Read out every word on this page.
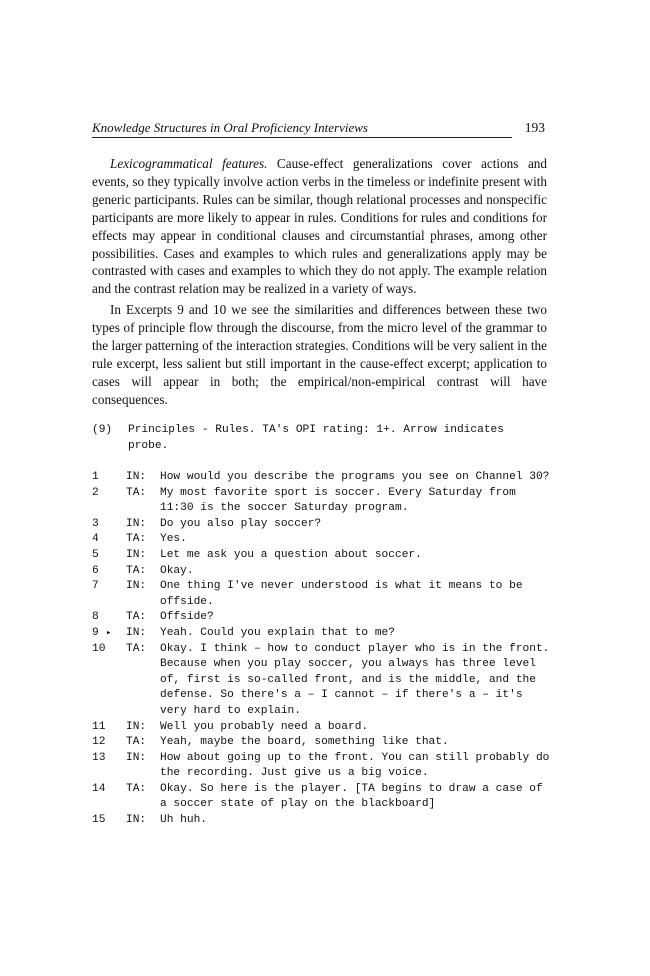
Knowledge Structures in Oral Proficiency Interviews	193

Lexicogrammatical features. Cause-effect generalizations cover actions and events, so they typically involve action verbs in the timeless or indefinite present with generic participants. Rules can be similar, though relational processes and nonspecific participants are more likely to appear in rules. Conditions for rules and conditions for effects may appear in conditional clauses and circumstantial phrases, among other possibilities. Cases and examples to which rules and generalizations apply may be contrasted with cases and examples to which they do not apply. The example relation and the contrast relation may be realized in a variety of ways.

In Excerpts 9 and 10 we see the similarities and differences between these two types of principle flow through the discourse, from the micro level of the grammar to the larger patterning of the interaction strategies. Conditions will be very salient in the rule excerpt, less salient but still important in the cause-effect excerpt; application to cases will appear in both; the empirical/non-empirical contrast will have consequences.

(9) Principles - Rules. TA's OPI rating: 1+. Arrow indicates probe.
1	IN:	How would you describe the programs you see on Channel 30?
2	TA:	My most favorite sport is soccer. Every Saturday from 11:30 is the soccer Saturday program.
3	IN:	Do you also play soccer?
4	TA:	Yes.
5	IN:	Let me ask you a question about soccer.
6	TA:	Okay.
7	IN:	One thing I've never understood is what it means to be offside.
8	TA:	Offside?
9 ▸ IN:	Yeah. Could you explain that to me?
10	TA:	Okay. I think – how to conduct player who is in the front. Because when you play soccer, you always has three level of, first is so-called front, and is the middle, and the defense. So there's a – I cannot – if there's a – it's very hard to explain.
11	IN:	Well you probably need a board.
12	TA:	Yeah, maybe the board, something like that.
13	IN:	How about going up to the front. You can still probably do the recording. Just give us a big voice.
14	TA:	Okay. So here is the player. [TA begins to draw a case of a soccer state of play on the blackboard]
15	IN:	Uh huh.
